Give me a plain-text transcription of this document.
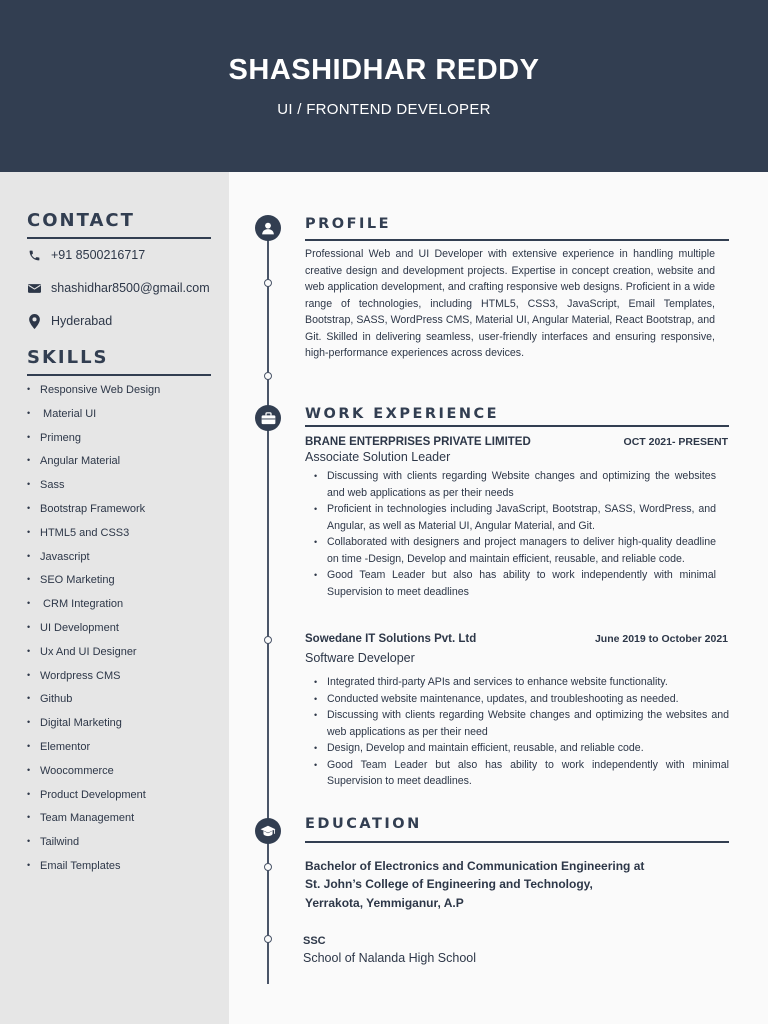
SHASHIDHAR REDDY
UI / FRONTEND DEVELOPER
CONTACT
+91 8500216717
shashidhar8500@gmail.com
Hyderabad
SKILLS
• Responsive Web Design
• Material UI
• Primeng
• Angular Material
• Sass
• Bootstrap Framework
• HTML5 and CSS3
• Javascript
• SEO Marketing
• CRM Integration
• UI Development
• Ux And UI Designer
• Wordpress CMS
• Github
• Digital Marketing
• Elementor
• Woocommerce
• Product Development
• Team Management
• Tailwind
• Email Templates
PROFILE
Professional Web and UI Developer with extensive experience in handling multiple creative design and development projects. Expertise in concept creation, website and web application development, and crafting responsive web designs. Proficient in a wide range of technologies, including HTML5, CSS3, JavaScript, Email Templates, Bootstrap, SASS, WordPress CMS, Material UI, Angular Material, React Bootstrap, and Git. Skilled in delivering seamless, user-friendly interfaces and ensuring responsive, high-performance experiences across devices.
WORK EXPERIENCE
BRANE ENTERPRISES PRIVATE LIMITED	OCT 2021- PRESENT
Associate Solution Leader
• Discussing with clients regarding Website changes and optimizing the websites and web applications as per their needs
• Proficient in technologies including JavaScript, Bootstrap, SASS, WordPress, and Angular, as well as Material UI, Angular Material, and Git.
• Collaborated with designers and project managers to deliver high-quality deadline on time -Design, Develop and maintain efficient, reusable, and reliable code.
• Good Team Leader but also has ability to work independently with minimal Supervision to meet deadlines
Sowedane IT Solutions Pvt. Ltd	June 2019 to October 2021
Software Developer
• Integrated third-party APIs and services to enhance website functionality.
• Conducted website maintenance, updates, and troubleshooting as needed.
• Discussing with clients regarding Website changes and optimizing the websites and web applications as per their need
• Design, Develop and maintain efficient, reusable, and reliable code.
• Good Team Leader but also has ability to work independently with minimal Supervision to meet deadlines.
EDUCATION
Bachelor of Electronics and Communication Engineering at
St. John’s College of Engineering and Technology,
Yerrakota, Yemmiganur, A.P
SSC
School of Nalanda High School
